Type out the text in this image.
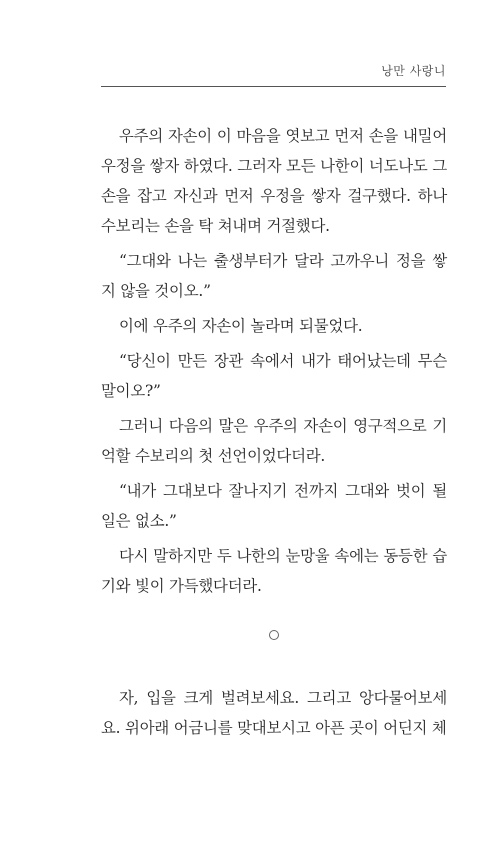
낭만 사랑니

우주의 자손이 이 마음을 엿보고 먼저 손을 내밀어 우정을 쌓자 하였다. 그러자 모든 나한이 너도나도 그 손을 잡고 자신과 먼저 우정을 쌓자 걸구했다. 하나 수보리는 손을 탁 쳐내며 거절했다.

“그대와 나는 출생부터가 달라 고까우니 정을 쌓지 않을 것이오.”

이에 우주의 자손이 놀라며 되물었다.

“당신이 만든 장관 속에서 내가 태어났는데 무슨 말이오?”

그러니 다음의 말은 우주의 자손이 영구적으로 기억할 수보리의 첫 선언이었다더라.

“내가 그대보다 잘나지기 전까지 그대와 벗이 될 일은 없소.”

다시 말하지만 두 나한의 눈망울 속에는 동등한 습기와 빛이 가득했다더라.

자, 입을 크게 벌려보세요. 그리고 앙다물어보세요. 위아래 어금니를 맞대보시고 아픈 곳이 어딘지 체
